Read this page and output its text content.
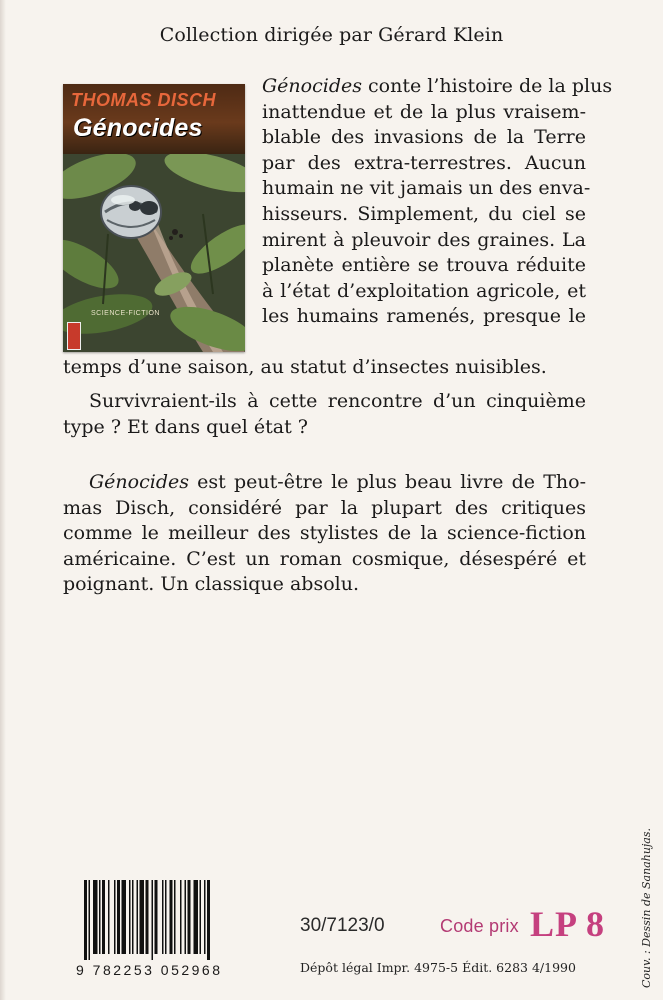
Collection dirigée par Gérard Klein
THOMAS DISCH
Génocides
SCIENCE-FICTION
Génocides conte l’histoire de la plus
inattendue et de la plus vraisem-
blable des invasions de la Terre
par des extra-terrestres. Aucun
humain ne vit jamais un des enva-
hisseurs. Simplement, du ciel se
mirent à pleuvoir des graines. La
planète entière se trouva réduite
à l’état d’exploitation agricole, et
les humains ramenés, presque le
temps d’une saison, au statut d’insectes nuisibles.
Survivraient-ils à cette rencontre d’un cinquième
type ? Et dans quel état ?
Génocides est peut-être le plus beau livre de Tho-
mas Disch, considéré par la plupart des critiques
comme le meilleur des stylistes de la science-fiction
américaine. C’est un roman cosmique, désespéré et
poignant. Un classique absolu.
9 782253 052968
30/7123/0	Code prix LP 8
Dépôt légal Impr. 4975-5 Édit. 6283 4/1990	Couv. : Dessin de Sanahujas.
